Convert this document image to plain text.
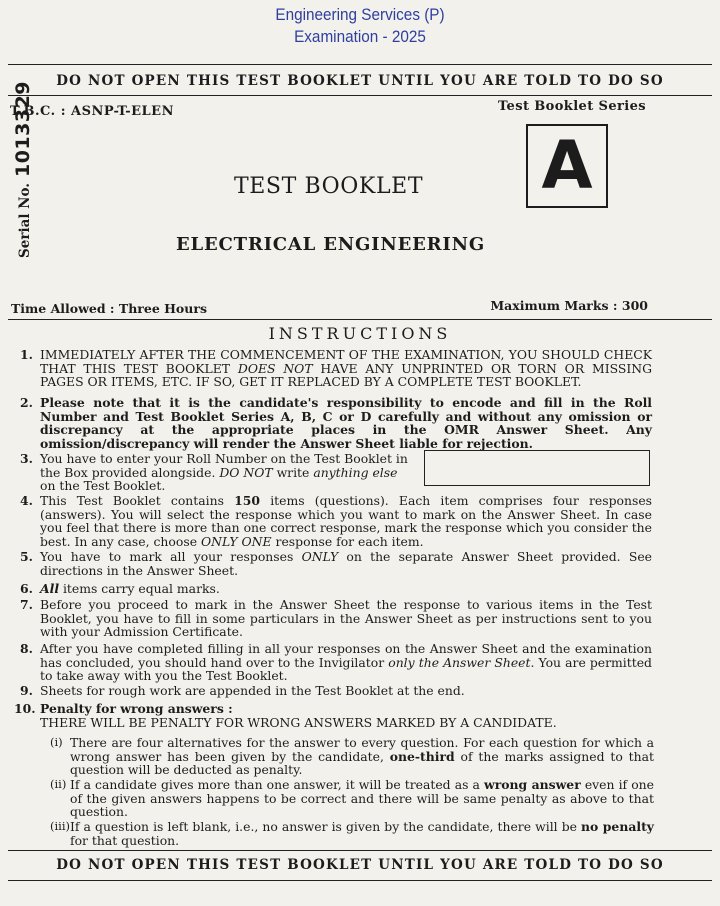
Engineering Services (P)
Examination - 2025
DO NOT OPEN THIS TEST BOOKLET UNTIL YOU ARE TOLD TO DO SO
T.B.C. : ASNP-T-ELEN	Test Booklet Series
A
Serial No.1013329
TEST BOOKLET
ELECTRICAL ENGINEERING
Time Allowed : Three Hours	Maximum Marks : 300
INSTRUCTIONS
1. IMMEDIATELY AFTER THE COMMENCEMENT OF THE EXAMINATION, YOU SHOULD CHECK THAT THIS TEST BOOKLET DOES NOT HAVE ANY UNPRINTED OR TORN OR MISSING PAGES OR ITEMS, ETC. IF SO, GET IT REPLACED BY A COMPLETE TEST BOOKLET.
2. Please note that it is the candidate's responsibility to encode and fill in the Roll Number and Test Booklet Series A, B, C or D carefully and without any omission or discrepancy at the appropriate places in the OMR Answer Sheet. Any omission/discrepancy will render the Answer Sheet liable for rejection.
3. You have to enter your Roll Number on the Test Booklet in the Box provided alongside. DO NOT write anything else on the Test Booklet.
4. This Test Booklet contains 150 items (questions). Each item comprises four responses (answers). You will select the response which you want to mark on the Answer Sheet. In case you feel that there is more than one correct response, mark the response which you consider the best. In any case, choose ONLY ONE response for each item.
5. You have to mark all your responses ONLY on the separate Answer Sheet provided. See directions in the Answer Sheet.
6. All items carry equal marks.
7. Before you proceed to mark in the Answer Sheet the response to various items in the Test Booklet, you have to fill in some particulars in the Answer Sheet as per instructions sent to you with your Admission Certificate.
8. After you have completed filling in all your responses on the Answer Sheet and the examination has concluded, you should hand over to the Invigilator only the Answer Sheet. You are permitted to take away with you the Test Booklet.
9. Sheets for rough work are appended in the Test Booklet at the end.
10. Penalty for wrong answers :
THERE WILL BE PENALTY FOR WRONG ANSWERS MARKED BY A CANDIDATE.
(i) There are four alternatives for the answer to every question. For each question for which a wrong answer has been given by the candidate, one-third of the marks assigned to that question will be deducted as penalty.
(ii) If a candidate gives more than one answer, it will be treated as a wrong answer even if one of the given answers happens to be correct and there will be same penalty as above to that question.
(iii) If a question is left blank, i.e., no answer is given by the candidate, there will be no penalty for that question.
DO NOT OPEN THIS TEST BOOKLET UNTIL YOU ARE TOLD TO DO SO
